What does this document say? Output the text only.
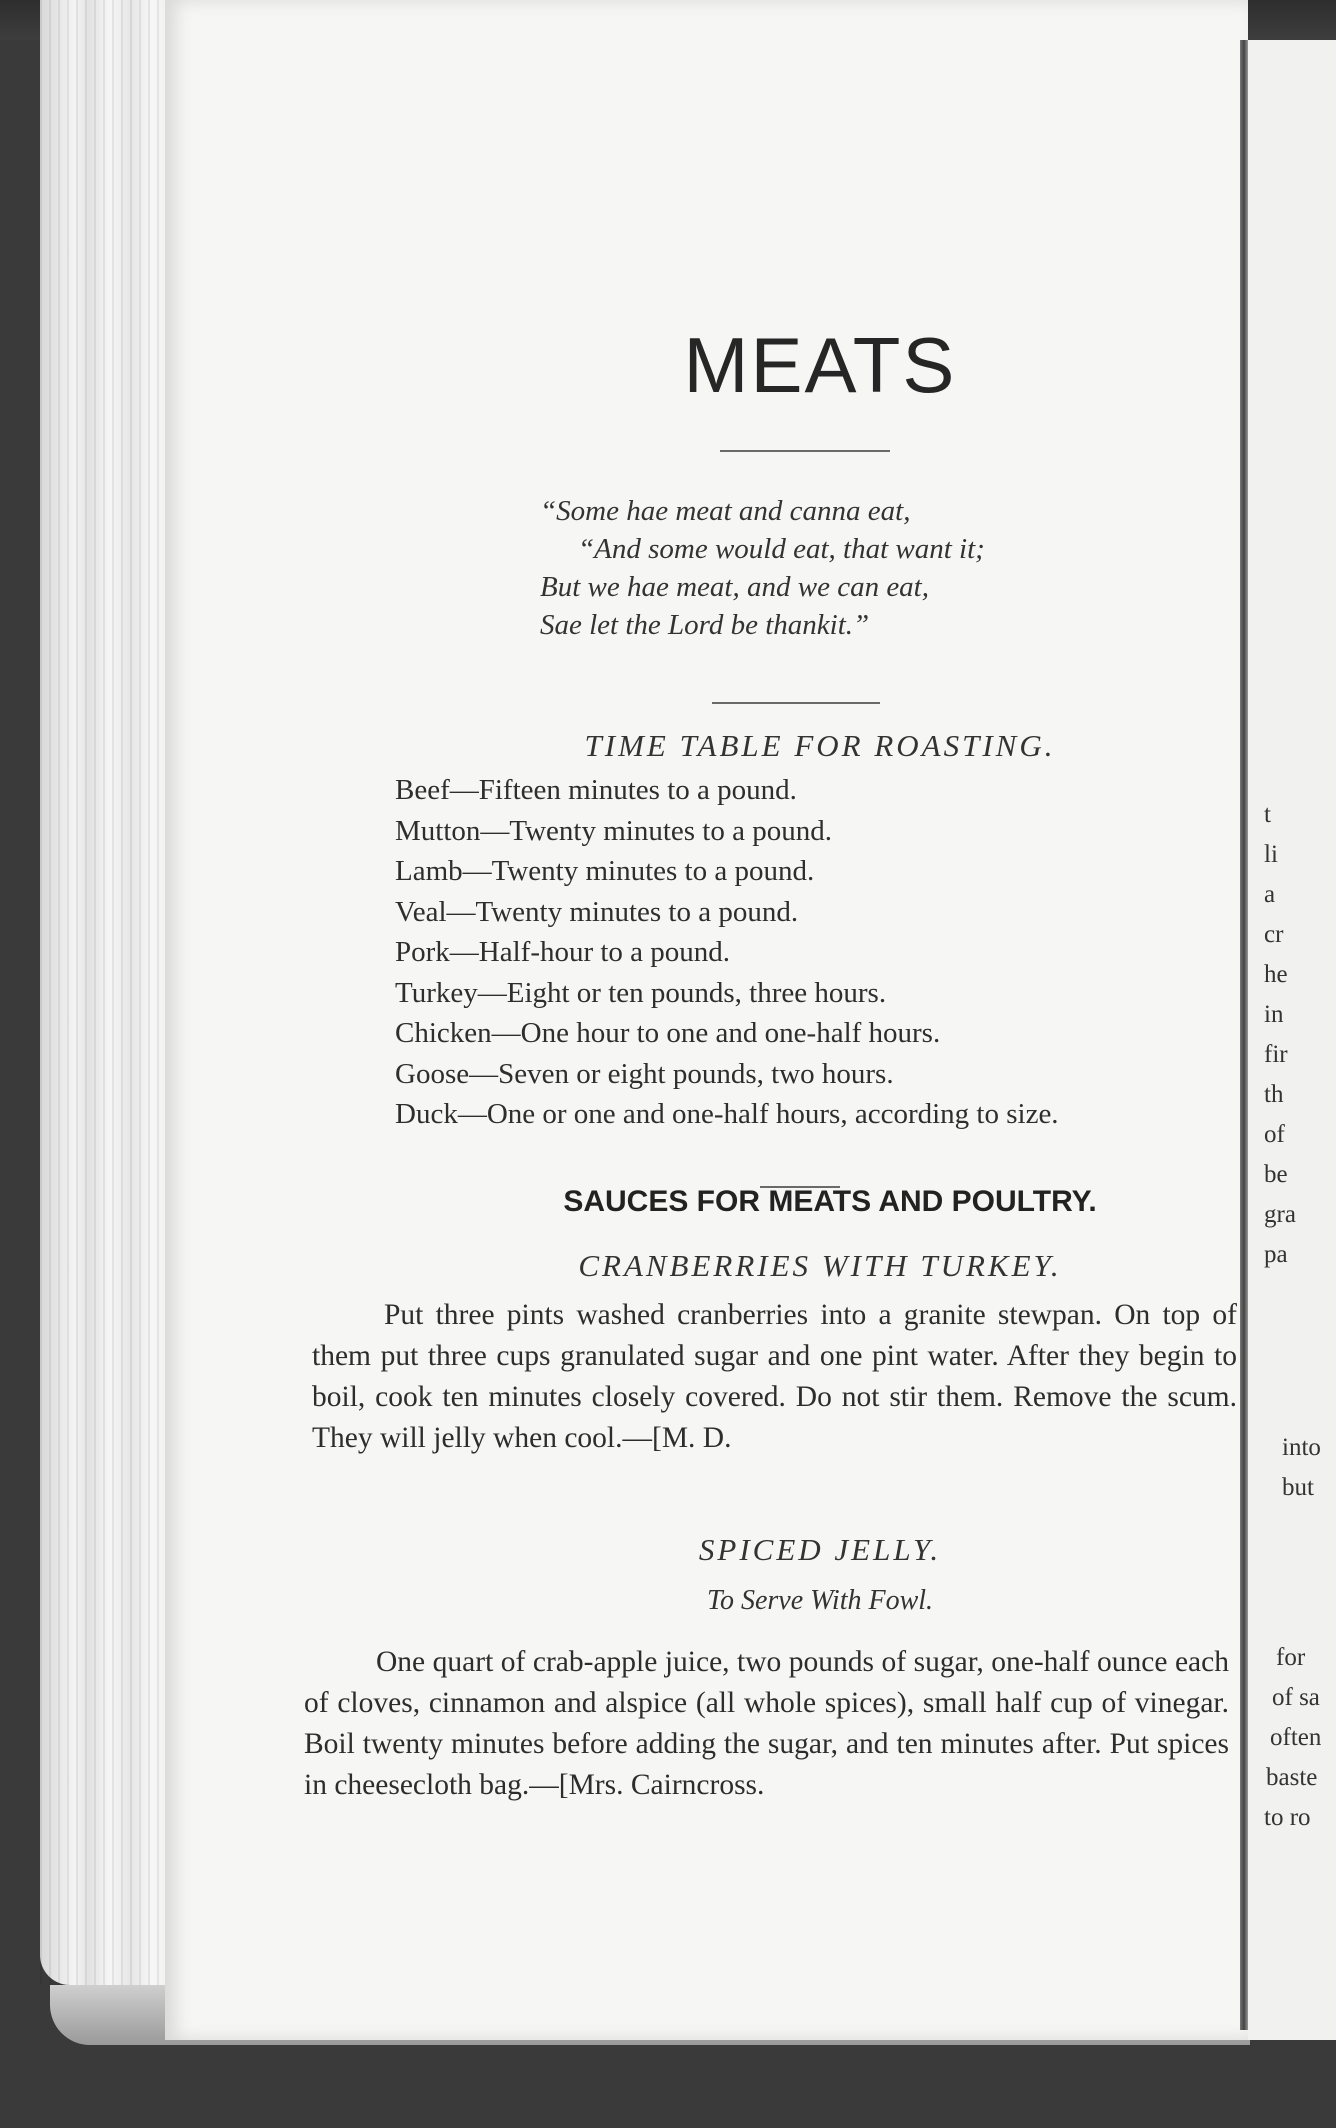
MEATS
“Some hae meat and canna eat,
“And some would eat, that want it;
But we hae meat, and we can eat,
Sae let the Lord be thankit.”
TIME TABLE FOR ROASTING.
Beef—Fifteen minutes to a pound.
Mutton—Twenty minutes to a pound.
Lamb—Twenty minutes to a pound.
Veal—Twenty minutes to a pound.
Pork—Half-hour to a pound.
Turkey—Eight or ten pounds, three hours.
Chicken—One hour to one and one-half hours.
Goose—Seven or eight pounds, two hours.
Duck—One or one and one-half hours, according to size.
SAUCES FOR MEATS AND POULTRY.
CRANBERRIES WITH TURKEY.

Put three pints washed cranberries into a granite stewpan. On top of them put three cups granulated sugar and one pint water. After they begin to boil, cook ten minutes closely covered. Do not stir them. Remove the scum. They will jelly when cool.—[M. D.

SPICED JELLY.
To Serve With Fowl.

One quart of crab-apple juice, two pounds of sugar, one-half ounce each of cloves, cinnamon and alspice (all whole spices), small half cup of vinegar. Boil twenty minutes before adding the sugar, and ten minutes after. Put spices in cheesecloth bag.—[Mrs. Cairncross.

t
li
a
cr
he
in
fir
th
of
be
gra
pa
into
but
for
of sa
often
baste
to ro
